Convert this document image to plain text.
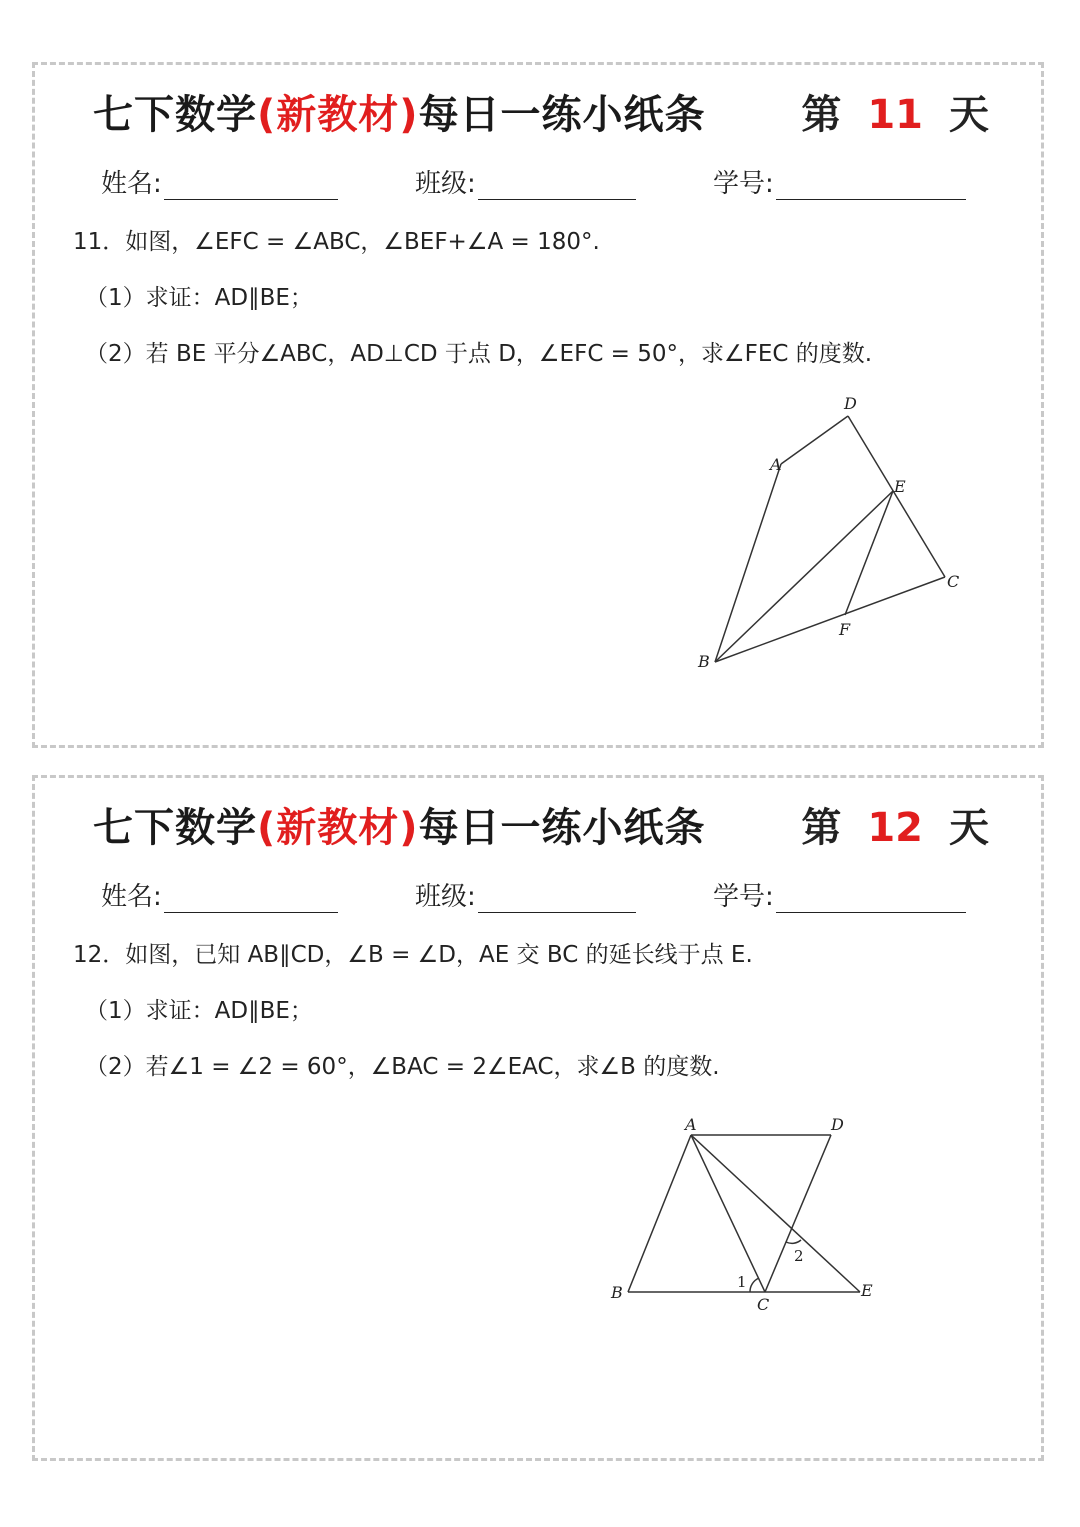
七下数学(新教材)每日一练小纸条 第 11 天
姓名:	班级:	学号:
11．如图，∠EFC = ∠ABC，∠BEF+∠A = 180°.
（1）求证：AD∥BE；
（2）若 BE 平分∠ABC，AD⊥CD 于点 D，∠EFC = 50°，求∠FEC 的度数.
A
B
C
D
E
F
七下数学(新教材)每日一练小纸条 第 12 天
姓名:	班级:	学号:
12．如图，已知 AB∥CD，∠B = ∠D，AE 交 BC 的延长线于点 E.
（1）求证：AD∥BE；
（2）若∠1 = ∠2 = 60°，∠BAC = 2∠EAC，求∠B 的度数.
A	D
B
C
E
1
2
